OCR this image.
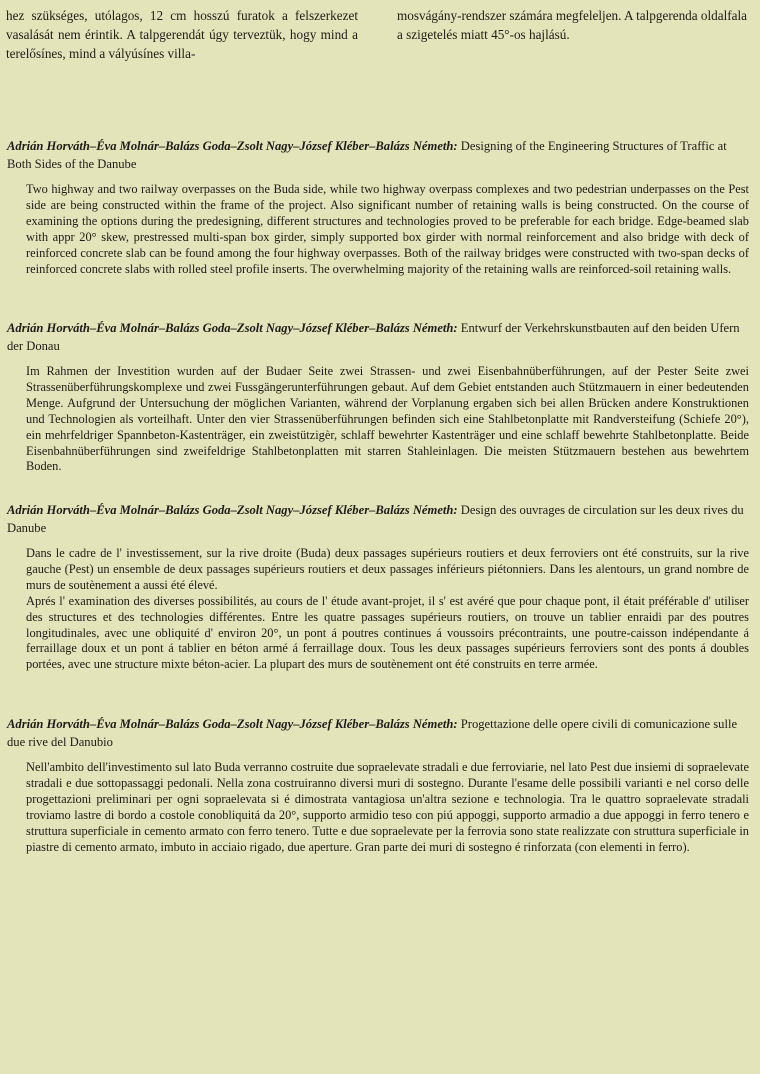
hez szükséges, utólagos, 12 cm hosszú furatok a felszerkezet vasalását nem érintik. A talpgerendát úgy terveztük, hogy mind a terelősínes, mind a vályúsínes villa-

mosvágány-rendszer számára megfeleljen. A talpgerenda oldalfala a szigetelés miatt 45°-os hajlású.

Adrián Horváth–Éva Molnár–Balázs Goda–Zsolt Nagy–József Kléber–Balázs Németh: Designing of the Engineering Structures of Traffic at Both Sides of the Danube

Two highway and two railway overpasses on the Buda side, while two highway overpass complexes and two pedestrian underpasses on the Pest side are being constructed within the frame of the project. Also significant number of retaining walls is being constructed. On the course of examining the options during the predesigning, different structures and technologies proved to be preferable for each bridge. Edge-beamed slab with appr 20° skew, prestressed multi-span box girder, simply supported box girder with normal reinforcement and also bridge with deck of reinforced concrete slab can be found among the four highway overpasses. Both of the railway bridges were constructed with two-span decks of reinforced concrete slabs with rolled steel profile inserts. The overwhelming majority of the retaining walls are reinforced-soil retaining walls.

Adrián Horváth–Éva Molnár–Balázs Goda–Zsolt Nagy–József Kléber–Balázs Németh: Entwurf der Verkehrskunstbauten auf den beiden Ufern der Donau

Im Rahmen der Investition wurden auf der Budaer Seite zwei Strassen- und zwei Eisenbahnüberführungen, auf der Pester Seite zwei Strassenüberführungskomplexe und zwei Fussgängerunterführungen gebaut. Auf dem Gebiet entstanden auch Stützmauern in einer bedeutenden Menge. Aufgrund der Untersuchung der möglichen Varianten, während der Vorplanung ergaben sich bei allen Brücken andere Konstruktionen und Technologien als vorteilhaft. Unter den vier Strassenüberführungen befinden sich eine Stahlbetonplatte mit Randversteifung (Schiefe 20°), ein mehrfeldriger Spannbeton-Kastenträger, ein zweistützigèr, schlaff bewehrter Kastenträger und eine schlaff bewehrte Stahlbetonplatte. Beide Eisenbahnüberführungen sind zweifeldrige Stahlbetonplatten mit starren Stahleinlagen. Die meisten Stützmauern bestehen aus bewehrtem Boden.

Adrián Horváth–Éva Molnár–Balázs Goda–Zsolt Nagy–József Kléber–Balázs Németh: Design des ouvrages de circulation sur les deux rives du Danube

Dans le cadre de l' investissement, sur la rive droite (Buda) deux passages supérieurs routiers et deux ferroviers ont été construits, sur la rive gauche (Pest) un ensemble de deux passages supérieurs routiers et deux passages inférieurs piétonniers. Dans les alentours, un grand nombre de murs de soutènement a aussi été élevé.

Aprés l' examination des diverses possibilités, au cours de l' étude avant-projet, il s' est avéré que pour chaque pont, il était préférable d' utiliser des structures et des technologies différentes. Entre les quatre passages supérieurs routiers, on trouve un tablier enraidi par des poutres longitudinales, avec une obliquité d' environ 20°, un pont á poutres continues á voussoirs précontraints, une poutre-caisson indépendante á ferraillage doux et un pont á tablier en béton armé á ferraillage doux. Tous les deux passages supérieurs ferroviers sont des ponts á doubles portées, avec une structure mixte béton-acier. La plupart des murs de soutènement ont été construits en terre armée.

Adrián Horváth–Éva Molnár–Balázs Goda–Zsolt Nagy–József Kléber–Balázs Németh: Progettazione delle opere civili di comunicazione sulle due rive del Danubio

Nell'ambito dell'investimento sul lato Buda verranno costruite due sopraelevate stradali e due ferroviarie, nel lato Pest due insiemi di sopraelevate stradali e due sottopassaggi pedonali. Nella zona costruiranno diversi muri di sostegno. Durante l'esame delle possibili varianti e nel corso delle progettazioni preliminari per ogni sopraelevata si é dimostrata vantagiosa un'altra sezione e technologia. Tra le quattro sopraelevate stradali troviamo lastre di bordo a costole conobliquitá da 20°, supporto armidio teso con piú appoggi, supporto armadio a due appoggi in ferro tenero e struttura superficiale in cemento armato con ferro tenero. Tutte e due sopraelevate per la ferrovia sono state realizzate con struttura superficiale in piastre di cemento armato, imbuto in acciaio rigado, due aperture. Gran parte dei muri di sostegno é rinforzata (con elementi in ferro).
